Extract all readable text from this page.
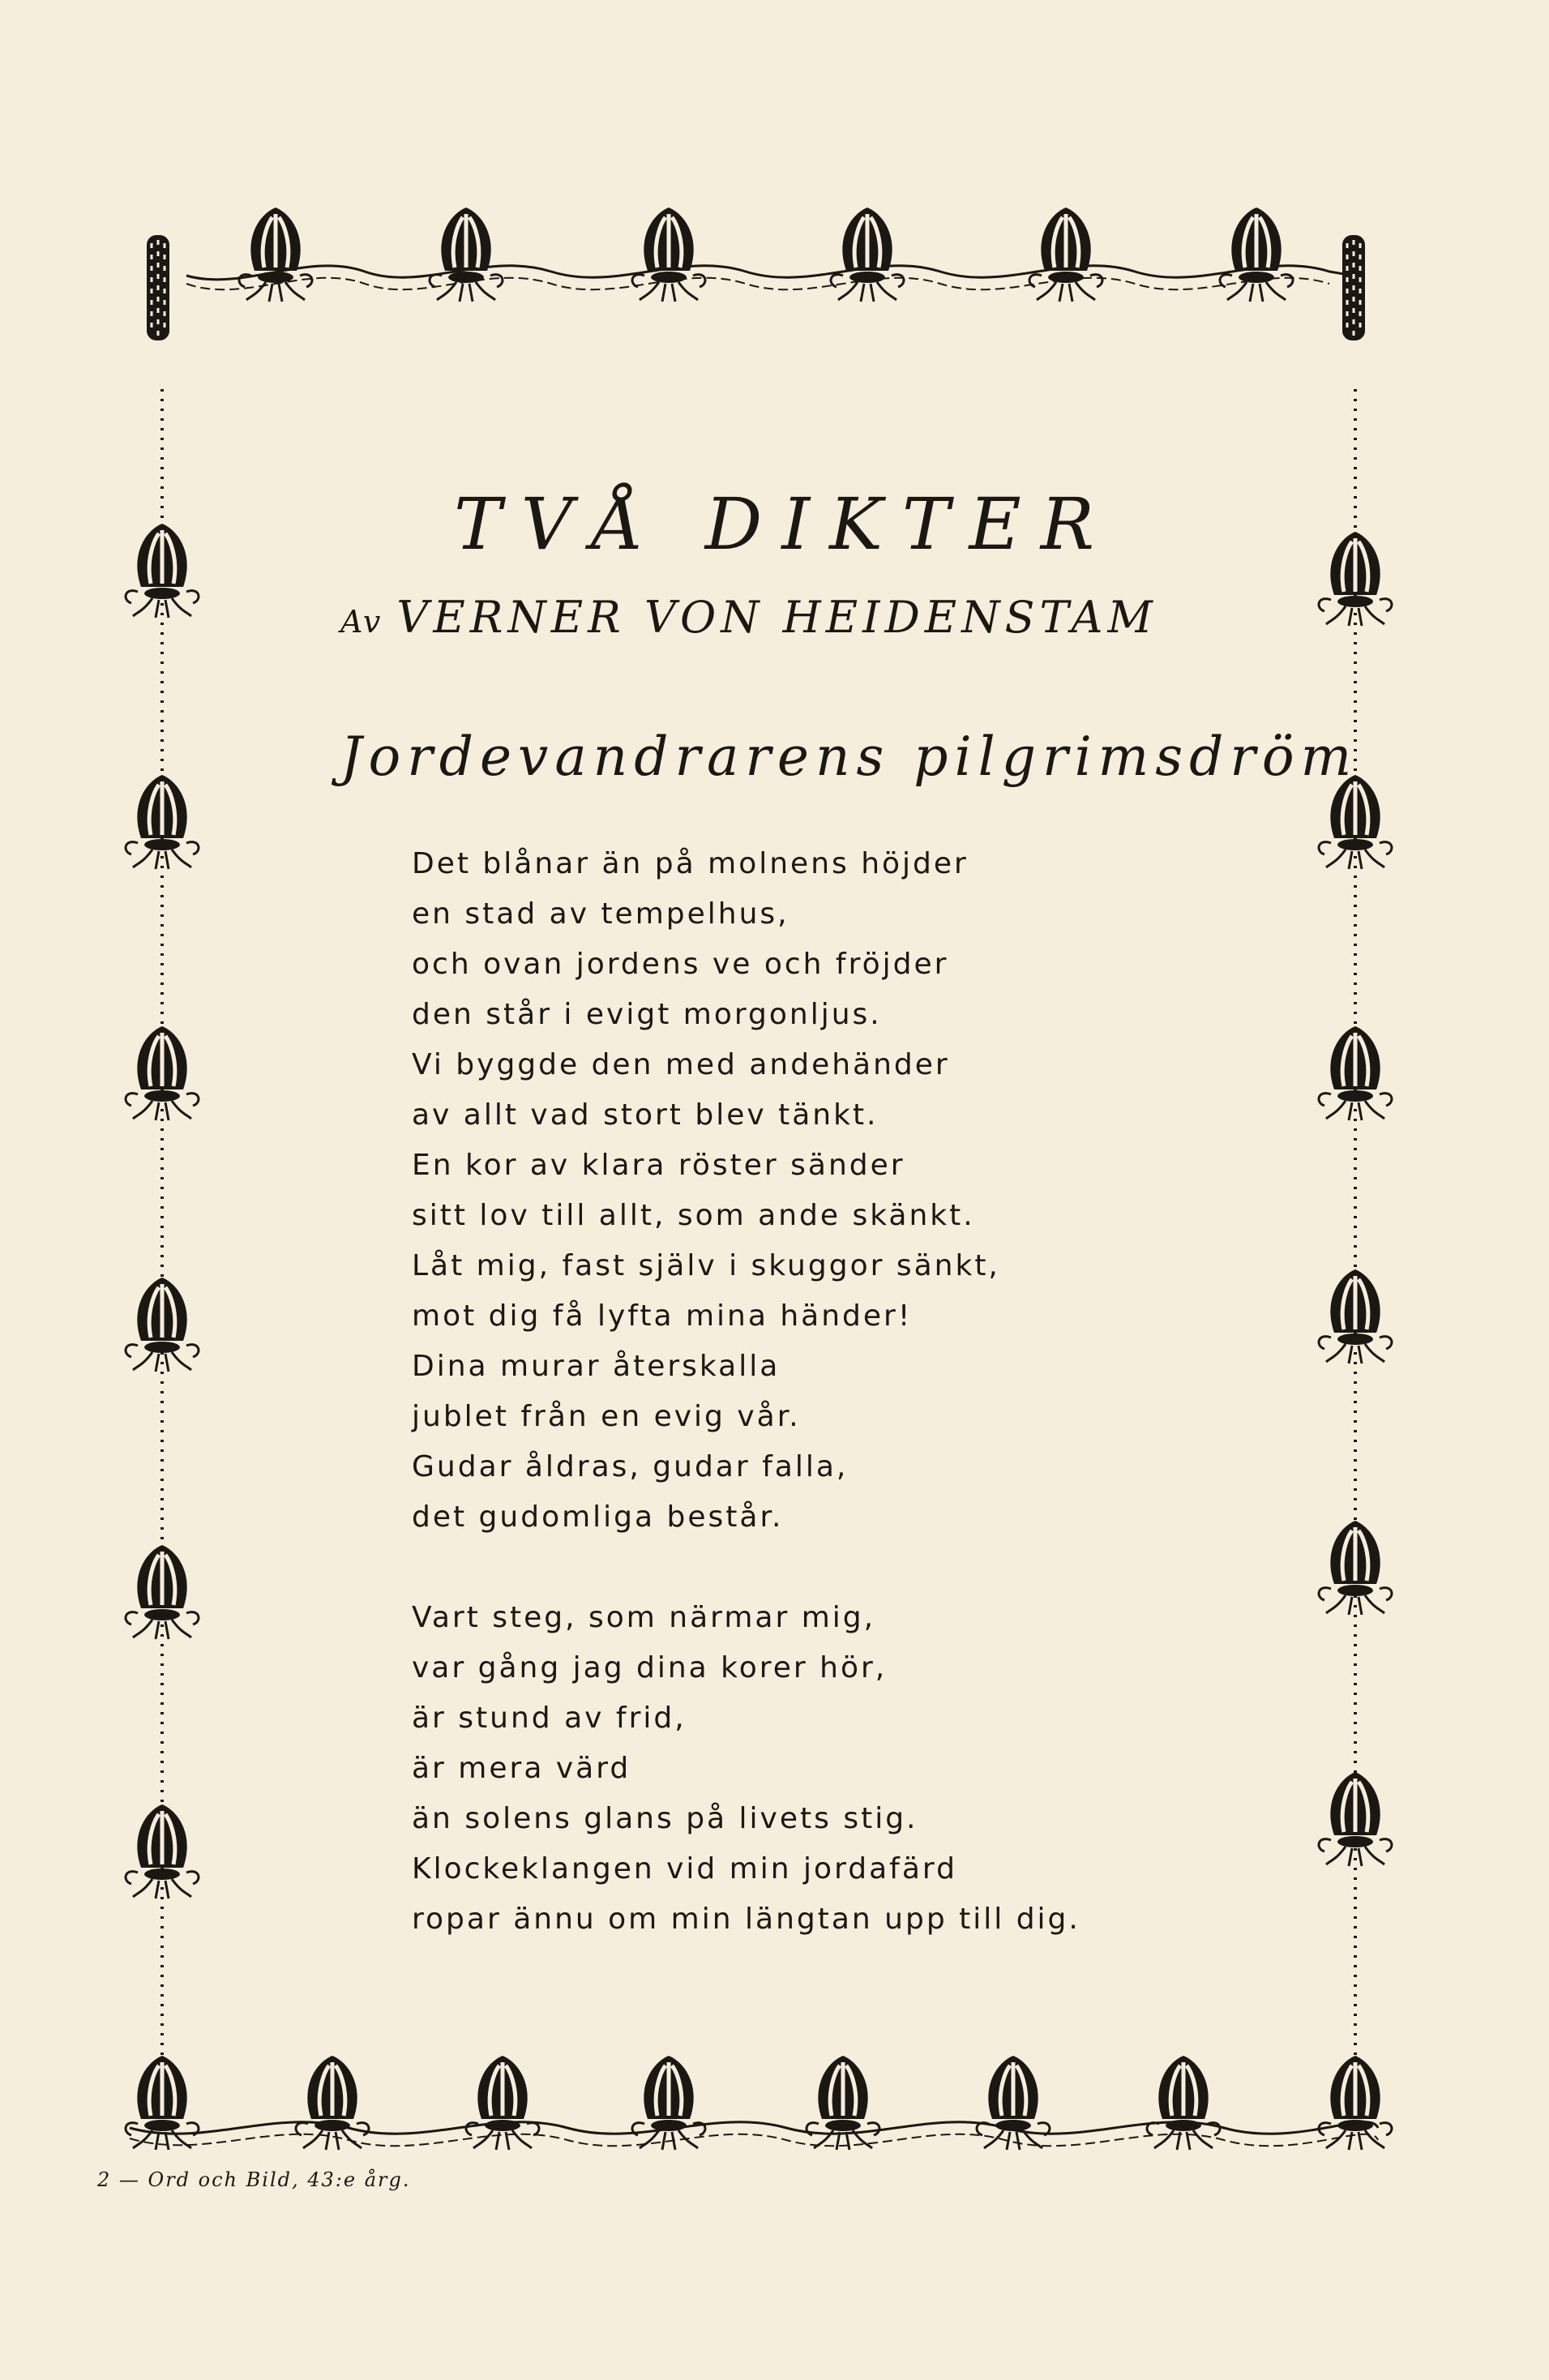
TVÅ DIKTER
Av VERNER VON HEIDENSTAM
Jordevandrarens pilgrimsdröm
Det blånar än på molnens höjder
en stad av tempelhus,
och ovan jordens ve och fröjder
den står i evigt morgonljus.
Vi byggde den med andehänder
av allt vad stort blev tänkt.
En kor av klara röster sänder
sitt lov till allt, som ande skänkt.
Låt mig, fast själv i skuggor sänkt,
mot dig få lyfta mina händer!
Dina murar återskalla
jublet från en evig vår.
Gudar åldras, gudar falla,
det gudomliga består.
Vart steg, som närmar mig,
var gång jag dina korer hör,
är stund av frid,
är mera värd
än solens glans på livets stig.
Klockeklangen vid min jordafärd
ropar ännu om min längtan upp till dig.
2 — Ord och Bild, 43:e årg.
